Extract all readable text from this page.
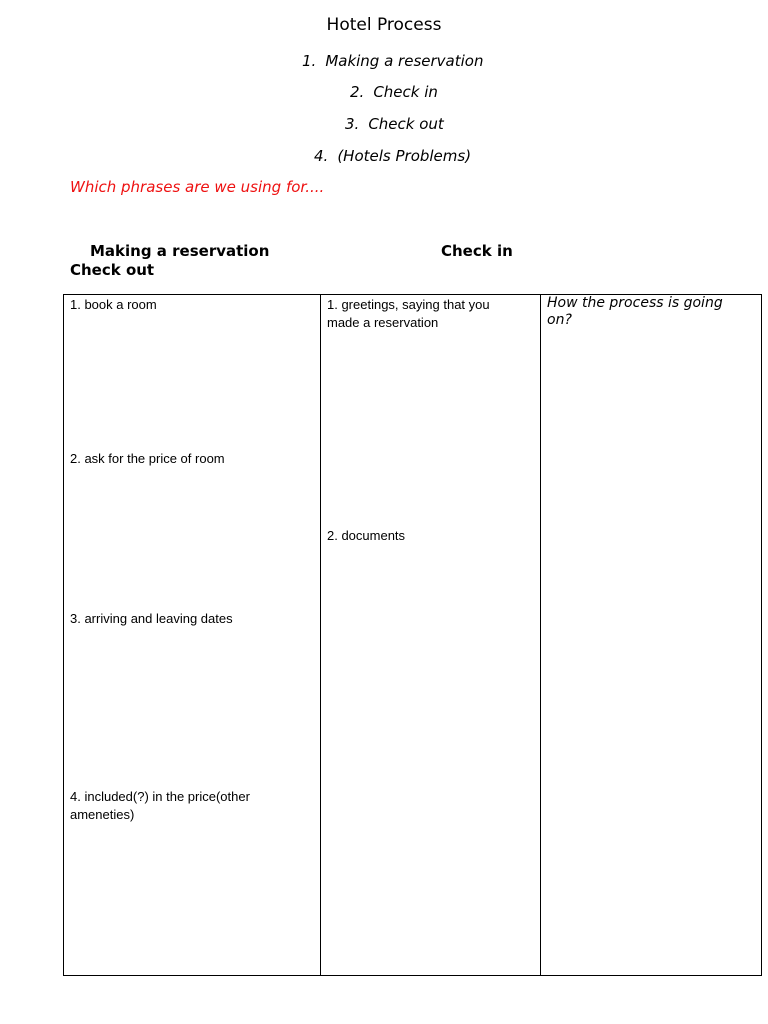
Hotel Process
1. Making a reservation
2. Check in
3. Check out
4. (Hotels Problems)
Which phrases are we using for....
Making a reservation	Check in
Check out
1. book a room
2. ask for the price of room
3. arriving and leaving dates
4. included(?) in the price(other
ameneties)
1. greetings, saying that you
made a reservation
2. documents
How the process is going
on?
